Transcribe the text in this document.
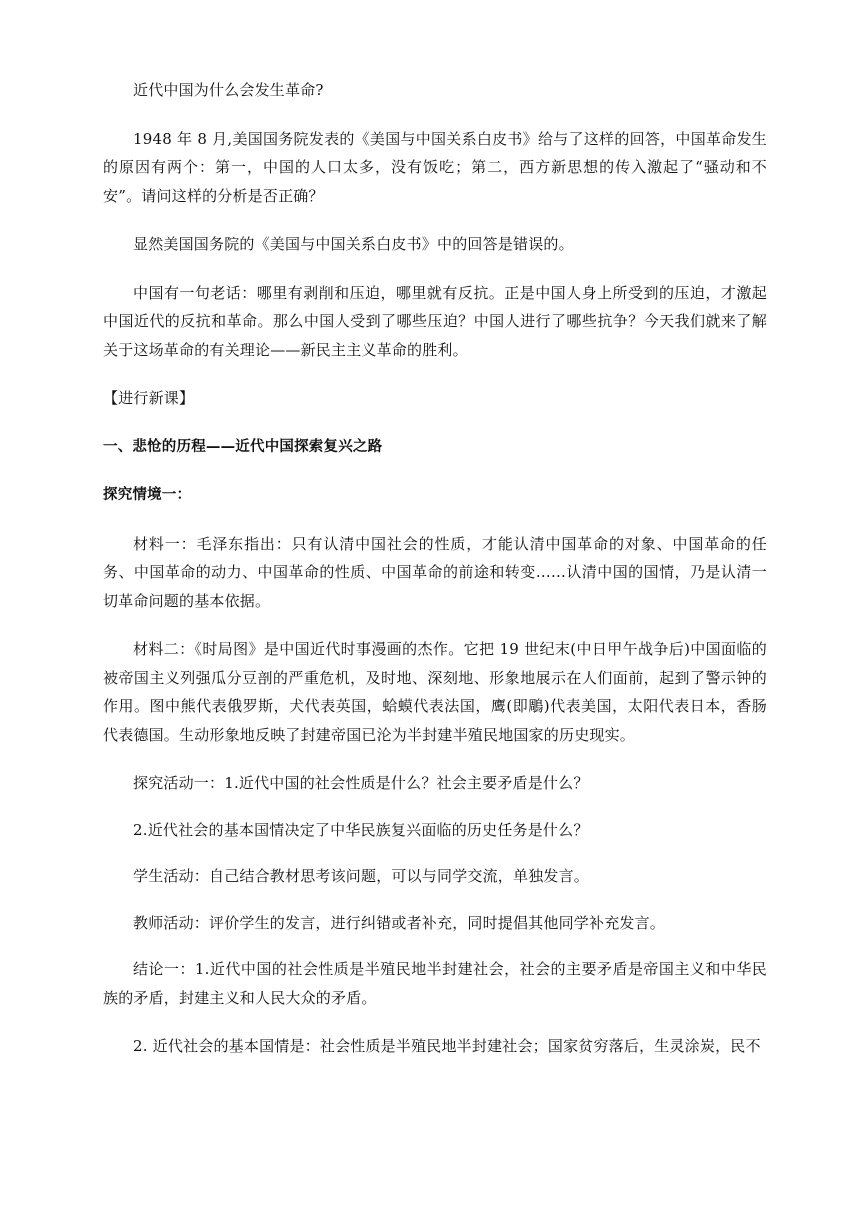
近代中国为什么会发生革命?

1948 年 8 月,美国国务院发表的《美国与中国关系白皮书》给与了这样的回答，中国革命发生的原因有两个：第一，中国的人口太多，没有饭吃；第二，西方新思想的传入激起了“骚动和不安”。请问这样的分析是否正确？

显然美国国务院的《美国与中国关系白皮书》中的回答是错误的。

中国有一句老话：哪里有剥削和压迫，哪里就有反抗。正是中国人身上所受到的压迫，才激起中国近代的反抗和革命。那么中国人受到了哪些压迫？中国人进行了哪些抗争？今天我们就来了解关于这场革命的有关理论——新民主主义革命的胜利。

【进行新课】

一、悲怆的历程——近代中国探索复兴之路

探究情境一：

材料一：毛泽东指出：只有认清中国社会的性质，才能认清中国革命的对象、中国革命的任务、中国革命的动力、中国革命的性质、中国革命的前途和转变……认清中国的国情，乃是认清一切革命问题的基本依据。

材料二：《时局图》是中国近代时事漫画的杰作。它把 19 世纪末(中日甲午战争后)中国面临的被帝国主义列强瓜分豆剖的严重危机，及时地、深刻地、形象地展示在人们面前，起到了警示钟的作用。图中熊代表俄罗斯，犬代表英国，蛤蟆代表法国，鹰(即鵰)代表美国，太阳代表日本，香肠代表德国。生动形象地反映了封建帝国已沦为半封建半殖民地国家的历史现实。

探究活动一：1.近代中国的社会性质是什么？社会主要矛盾是什么？

2.近代社会的基本国情决定了中华民族复兴面临的历史任务是什么？

学生活动：自己结合教材思考该问题，可以与同学交流，单独发言。

教师活动：评价学生的发言，进行纠错或者补充，同时提倡其他同学补充发言。

结论一：1.近代中国的社会性质是半殖民地半封建社会，社会的主要矛盾是帝国主义和中华民族的矛盾，封建主义和人民大众的矛盾。

2. 近代社会的基本国情是：社会性质是半殖民地半封建社会；国家贫穷落后，生灵涂炭，民不
